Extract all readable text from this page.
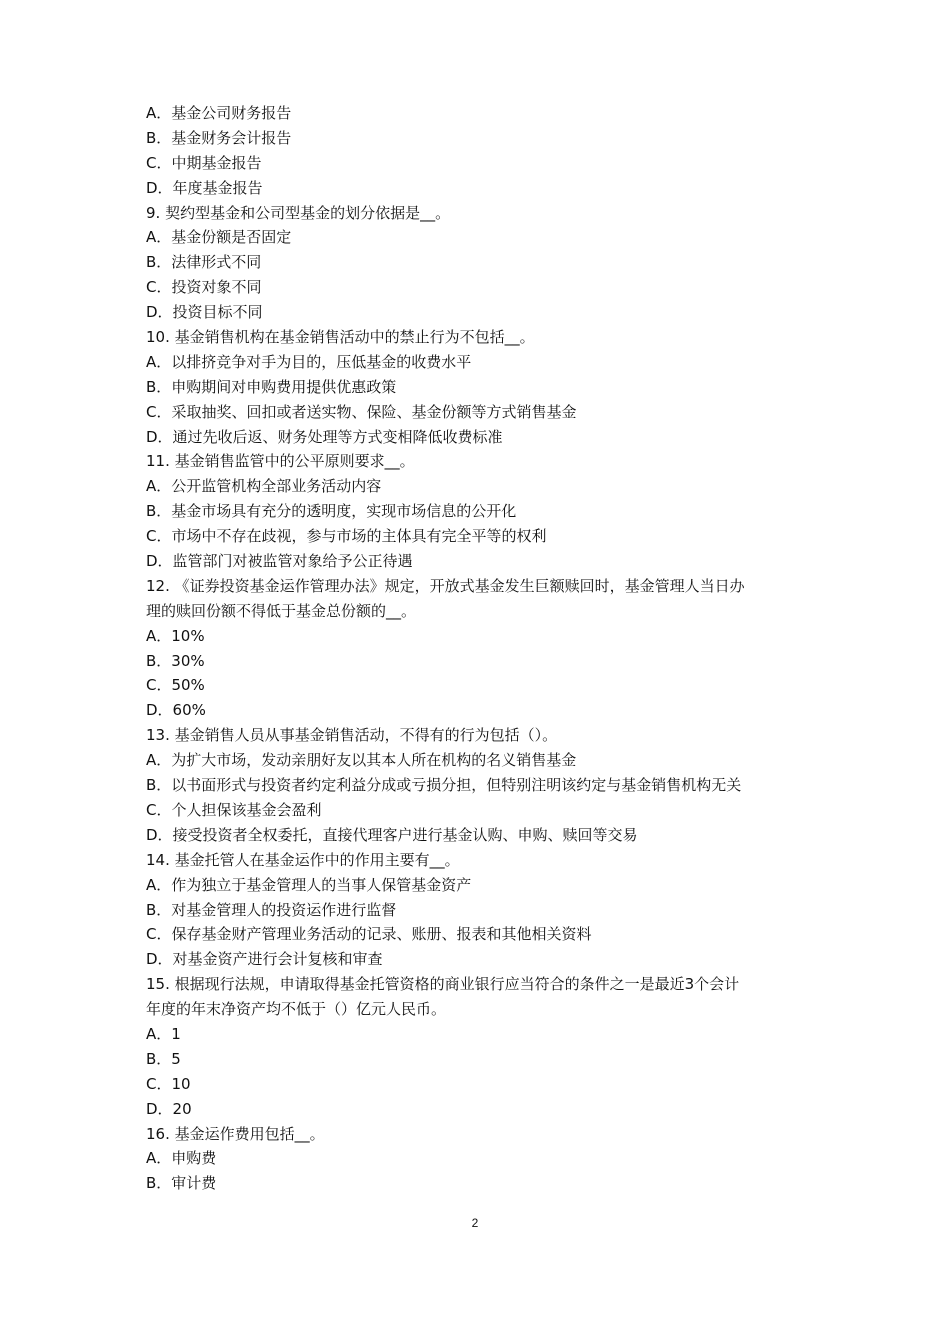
A．基金公司财务报告
B．基金财务会计报告
C．中期基金报告
D．年度基金报告
9. 契约型基金和公司型基金的划分依据是__。
A．基金份额是否固定
B．法律形式不同
C．投资对象不同
D．投资目标不同
10. 基金销售机构在基金销售活动中的禁止行为不包括__。
A．以排挤竞争对手为目的，压低基金的收费水平
B．申购期间对申购费用提供优惠政策
C．采取抽奖、回扣或者送实物、保险、基金份额等方式销售基金
D．通过先收后返、财务处理等方式变相降低收费标准
11. 基金销售监管中的公平原则要求__。
A．公开监管机构全部业务活动内容
B．基金市场具有充分的透明度，实现市场信息的公开化
C．市场中不存在歧视，参与市场的主体具有完全平等的权利
D．监管部门对被监管对象给予公正待遇
12. 《证券投资基金运作管理办法》规定，开放式基金发生巨额赎回时，基金管理人当日办
理的赎回份额不得低于基金总份额的__。
A．10%
B．30%
C．50%
D．60%
13. 基金销售人员从事基金销售活动，不得有的行为包括（）。
A．为扩大市场，发动亲朋好友以其本人所在机构的名义销售基金
B．以书面形式与投资者约定利益分成或亏损分担，但特别注明该约定与基金销售机构无关
C．个人担保该基金会盈利
D．接受投资者全权委托，直接代理客户进行基金认购、申购、赎回等交易
14. 基金托管人在基金运作中的作用主要有__。
A．作为独立于基金管理人的当事人保管基金资产
B．对基金管理人的投资运作进行监督
C．保存基金财产管理业务活动的记录、账册、报表和其他相关资料
D．对基金资产进行会计复核和审查
15. 根据现行法规，申请取得基金托管资格的商业银行应当符合的条件之一是最近3个会计
年度的年末净资产均不低于（）亿元人民币。
A．1
B．5
C．10
D．20
16. 基金运作费用包括__。
A．申购费
B．审计费
2
